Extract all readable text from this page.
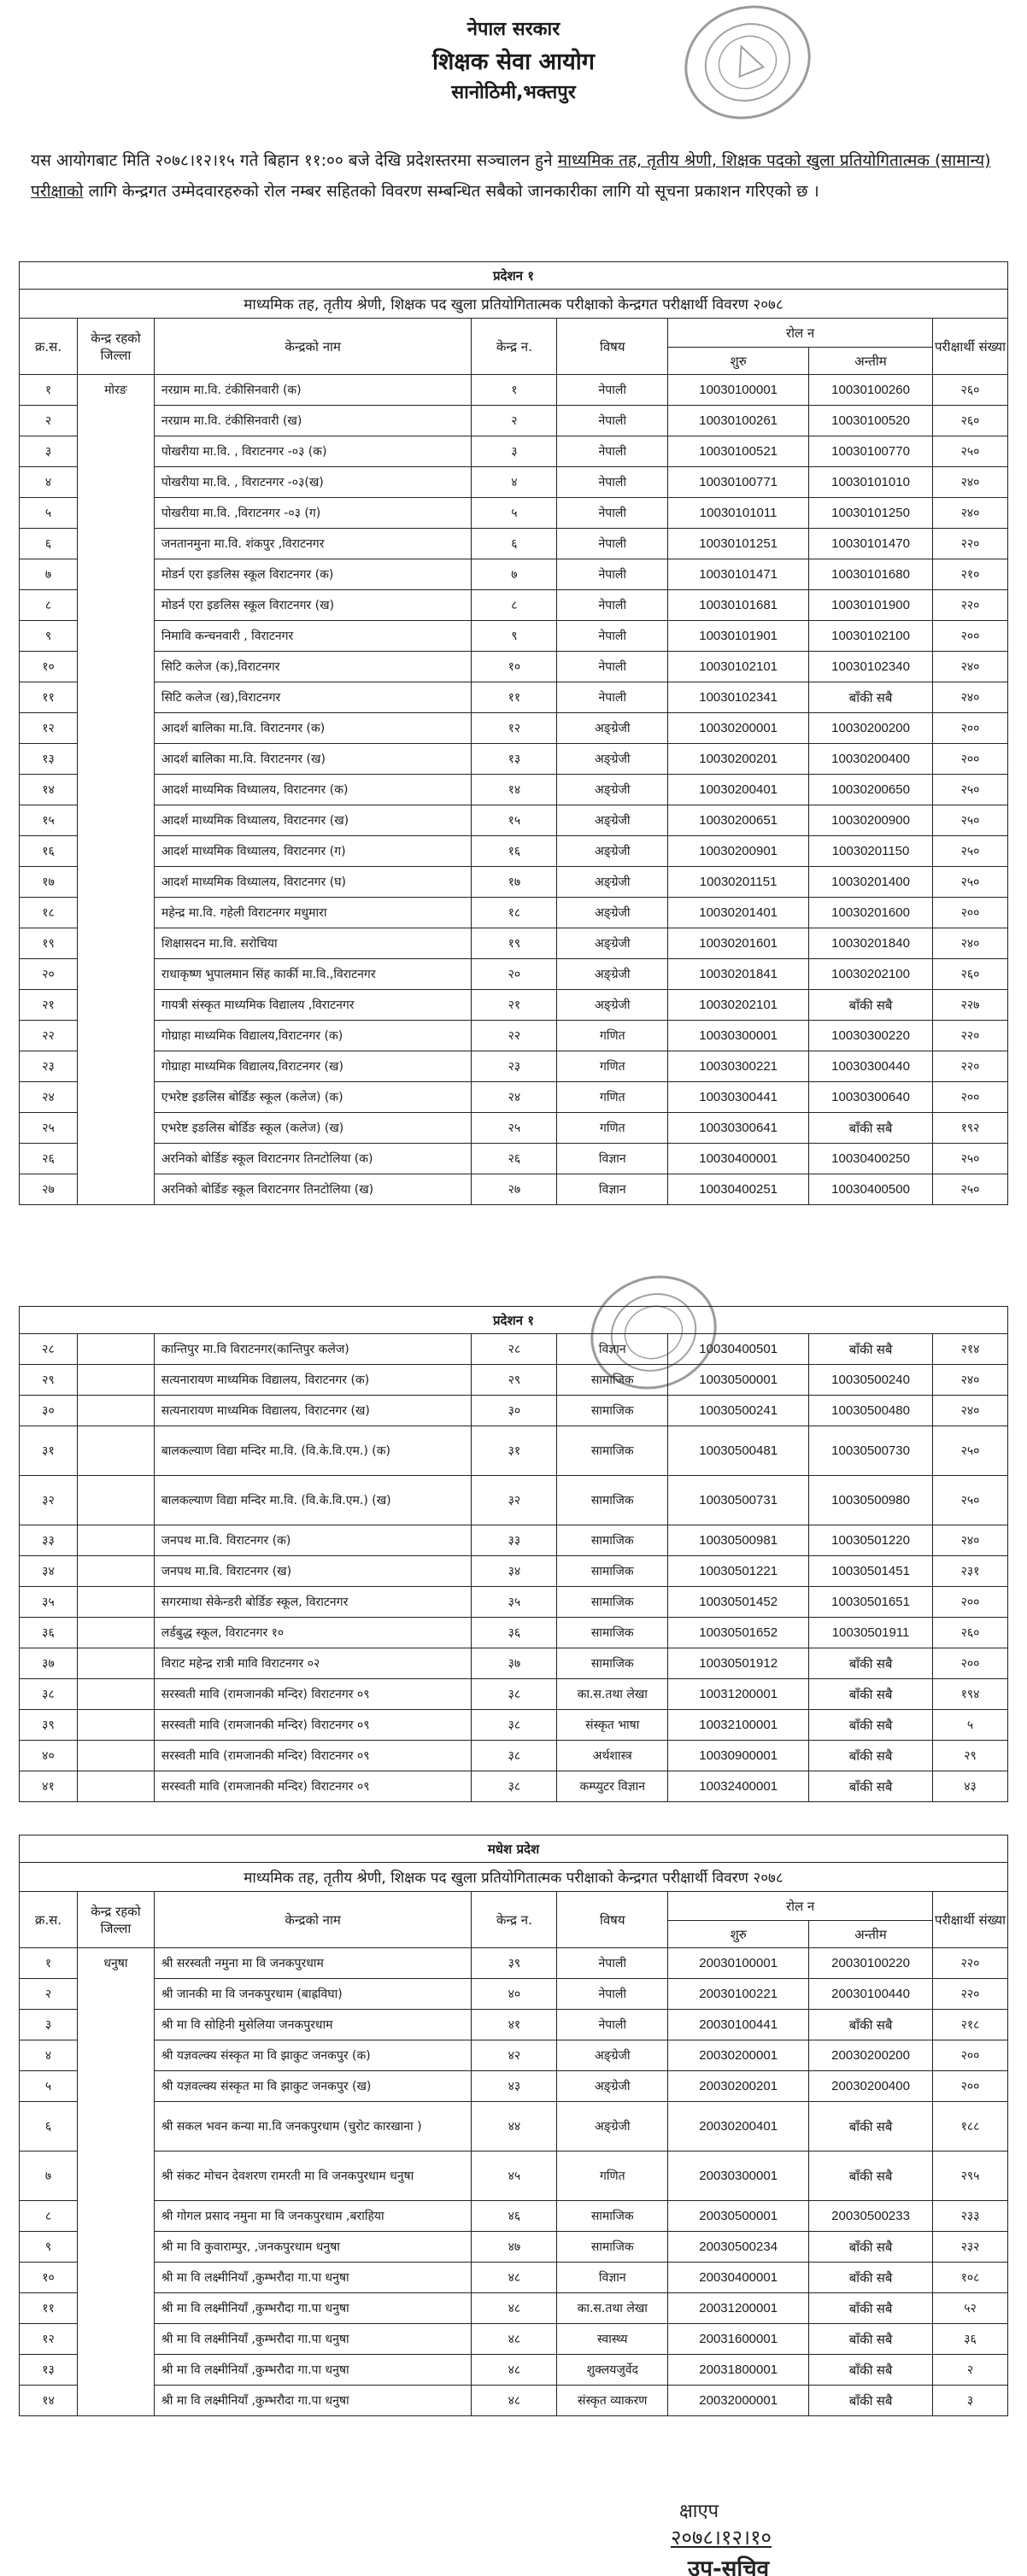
नेपाल सरकार
शिक्षक सेवा आयोग
सानोठिमी,भक्तपुर
यस आयोगबाट मिति २०७८।१२।१५ गते बिहान ११:०० बजे देखि प्रदेशस्तरमा सञ्चालन हुने माध्यमिक तह, तृतीय श्रेणी, शिक्षक पदको खुला प्रतियोगितात्मक (सामान्य) परीक्षाको लागि केन्द्रगत उम्मेदवारहरुको रोल नम्बर सहितको विवरण सम्बन्धित सबैको जानकारीका लागि यो सूचना प्रकाशन गरिएको छ ।
प्रदेशन १							
माध्यमिक तह, तृतीय श्रेणी, शिक्षक पद खुला प्रतियोगितात्मक परीक्षाको केन्द्रगत परीक्षार्थी विवरण २०७८							
क्र.स.	केन्द्र रहको जिल्ला	केन्द्रको नाम	केन्द्र न.	विषय	रोल न		परीक्षार्थी संख्या
					शुरु	अन्तीम	
१	मोरङ	नरग्राम मा.वि. टंकीसिनवारी (क)	१	नेपाली	10030100001	10030100260	२६०
२		नरग्राम मा.वि. टंकीसिनवारी (ख)	२	नेपाली	10030100261	10030100520	२६०
३		पोखरीया मा.वि. , विराटनगर -०३ (क)	३	नेपाली	10030100521	10030100770	२५०
४		पोखरीया मा.वि. , विराटनगर -०३(ख)	४	नेपाली	10030100771	10030101010	२४०
५		पोखरीया मा.वि. ,विराटनगर -०३ (ग)	५	नेपाली	10030101011	10030101250	२४०
६		जनतानमुना मा.वि. शंकपुर ,विराटनगर	६	नेपाली	10030101251	10030101470	२२०
७		मोडर्न एरा इङलिस स्कूल विराटनगर (क)	७	नेपाली	10030101471	10030101680	२१०
८		मोडर्न एरा इङलिस स्कूल विराटनगर (ख)	८	नेपाली	10030101681	10030101900	२२०
९		निमावि कन्चनवारी , विराटनगर	९	नेपाली	10030101901	10030102100	२००
१०		सिटि कलेज (क),विराटनगर	१०	नेपाली	10030102101	10030102340	२४०
११		सिटि कलेज (ख),विराटनगर	११	नेपाली	10030102341	बाँकी सबै	२४०
१२		आदर्श बालिका मा.वि. विराटनगर (क)	१२	अङ्ग्रेजी	10030200001	10030200200	२००
१३		आदर्श बालिका मा.वि. विराटनगर (ख)	१३	अङ्ग्रेजी	10030200201	10030200400	२००
१४		आदर्श माध्यमिक विध्यालय, विराटनगर (क)	१४	अङ्ग्रेजी	10030200401	10030200650	२५०
१५		आदर्श माध्यमिक विध्यालय, विराटनगर (ख)	१५	अङ्ग्रेजी	10030200651	10030200900	२५०
१६		आदर्श माध्यमिक विध्यालय, विराटनगर (ग)	१६	अङ्ग्रेजी	10030200901	10030201150	२५०
१७		आदर्श माध्यमिक विध्यालय, विराटनगर (घ)	१७	अङ्ग्रेजी	10030201151	10030201400	२५०
१८		महेन्द्र मा.वि. गहेली विराटनगर मधुमारा	१८	अङ्ग्रेजी	10030201401	10030201600	२००
१९		शिक्षासदन मा.वि. सरोचिया	१९	अङ्ग्रेजी	10030201601	10030201840	२४०
२०		राधाकृष्ण भुपालमान सिंह कार्की मा.वि.,विराटनगर	२०	अङ्ग्रेजी	10030201841	10030202100	२६०
२१		गायत्री संस्कृत माध्यमिक विद्यालय ,विराटनगर	२१	अङ्ग्रेजी	10030202101	बाँकी सबै	२२७
२२		गोग्राहा माध्यमिक विद्यालय,विराटनगर (क)	२२	गणित	10030300001	10030300220	२२०
२३		गोग्राहा माध्यमिक विद्यालय,विराटनगर (ख)	२३	गणित	10030300221	10030300440	२२०
२४		एभरेष्ट इङलिस बोर्डिङ स्कूल (कलेज) (क)	२४	गणित	10030300441	10030300640	२००
२५		एभरेष्ट इङलिस बोर्डिङ स्कूल (कलेज) (ख)	२५	गणित	10030300641	बाँकी सबै	१९२
२६		अरनिको बोर्डिङ स्कूल विराटनगर तिनटोलिया (क)	२६	विज्ञान	10030400001	10030400250	२५०
२७		अरनिको बोर्डिङ स्कूल विराटनगर तिनटोलिया (ख)	२७	विज्ञान	10030400251	10030400500	२५०
प्रदेशन १							
२८		कान्तिपुर मा.वि विराटनगर(कान्तिपुर कलेज)	२८	विज्ञान	10030400501	बाँकी सबै	२१४
२९		सत्यनारायण माध्यमिक विद्यालय, विराटनगर (क)	२९	सामाजिक	10030500001	10030500240	२४०
३०		सत्यनारायण माध्यमिक विद्यालय, विराटनगर (ख)	३०	सामाजिक	10030500241	10030500480	२४०
३१		बालकल्याण विद्या मन्दिर मा.वि. (वि.के.वि.एम.) (क)	३१	सामाजिक	10030500481	10030500730	२५०
३२		बालकल्याण विद्या मन्दिर मा.वि. (वि.के.वि.एम.) (ख)	३२	सामाजिक	10030500731	10030500980	२५०
३३		जनपथ मा.वि. विराटनगर (क)	३३	सामाजिक	10030500981	10030501220	२४०
३४		जनपथ मा.वि. विराटनगर (ख)	३४	सामाजिक	10030501221	10030501451	२३१
३५		सगरमाथा सेकेन्डरी बोर्डिङ स्कूल, विराटनगर	३५	सामाजिक	10030501452	10030501651	२००
३६		लर्डबुद्ध स्कूल, विराटनगर १०	३६	सामाजिक	10030501652	10030501911	२६०
३७		विराट महेन्द्र रात्री मावि विराटनगर ०२	३७	सामाजिक	10030501912	बाँकी सबै	२००
३८		सरस्वती मावि (रामजानकी मन्दिर) विराटनगर ०९	३८	का.स.तथा लेखा	10031200001	बाँकी सबै	१९४
३९		सरस्वती मावि (रामजानकी मन्दिर) विराटनगर ०९	३८	संस्कृत भाषा	10032100001	बाँकी सबै	५
४०		सरस्वती मावि (रामजानकी मन्दिर) विराटनगर ०९	३८	अर्थशास्त्र	10030900001	बाँकी सबै	२९
४१		सरस्वती मावि (रामजानकी मन्दिर) विराटनगर ०९	३८	कम्प्युटर विज्ञान	10032400001	बाँकी सबै	४३
मधेश प्रदेश							
माध्यमिक तह, तृतीय श्रेणी, शिक्षक पद खुला प्रतियोगितात्मक परीक्षाको केन्द्रगत परीक्षार्थी विवरण २०७८							
क्र.स.	केन्द्र रहको जिल्ला	केन्द्रको नाम	केन्द्र न.	विषय	रोल न		परीक्षार्थी संख्या
					शुरु	अन्तीम	
१	धनुषा	श्री सरस्वती नमुना मा वि जनकपुरधाम	३९	नेपाली	20030100001	20030100220	२२०
२		श्री जानकी मा वि जनकपुरधाम (बाह्रविघा)	४०	नेपाली	20030100221	20030100440	२२०
३		श्री मा वि सोहिनी मुसेलिया जनकपुरधाम	४१	नेपाली	20030100441	बाँकी सबै	२१८
४		श्री यज्ञवल्क्य संस्कृत मा वि झाकुट जनकपुर (क)	४२	अङ्ग्रेजी	20030200001	20030200200	२००
५		श्री यज्ञवल्क्य संस्कृत मा वि झाकुट जनकपुर (ख)	४३	अङ्ग्रेजी	20030200201	20030200400	२००
६		श्री सकल भवन कन्या मा.वि जनकपुरधाम (चुरोट कारखाना )	४४	अङ्ग्रेजी	20030200401	बाँकी सबै	१८८
७		श्री संकट मोचन देवशरण रामरती मा वि जनकपुरधाम धनुषा	४५	गणित	20030300001	बाँकी सबै	२९५
८		श्री गोगल प्रसाद नमुना मा वि जनकपुरधाम ,बराहिया	४६	सामाजिक	20030500001	20030500233	२३३
९		श्री मा वि कुवाराम्पुर, ,जनकपुरधाम धनुषा	४७	सामाजिक	20030500234	बाँकी सबै	२३२
१०		श्री मा वि लक्ष्मीनियाँ ,कुम्भरौदा गा.पा धनुषा	४८	विज्ञान	20030400001	बाँकी सबै	१०८
११		श्री मा वि लक्ष्मीनियाँ ,कुम्भरौदा गा.पा धनुषा	४८	का.स.तथा लेखा	20031200001	बाँकी सबै	५२
१२		श्री मा वि लक्ष्मीनियाँ ,कुम्भरौदा गा.पा धनुषा	४८	स्वास्थ्य	20031600001	बाँकी सबै	३६
१३		श्री मा वि लक्ष्मीनियाँ ,कुम्भरौदा गा.पा धनुषा	४८	शुक्लयजुर्वेद	20031800001	बाँकी सबै	२
१४		श्री मा वि लक्ष्मीनियाँ ,कुम्भरौदा गा.पा धनुषा	४८	संस्कृत व्याकरण	20032000001	बाँकी सबै	३
क्षाएप
२०७८।१२।१०
उप-सचिव
